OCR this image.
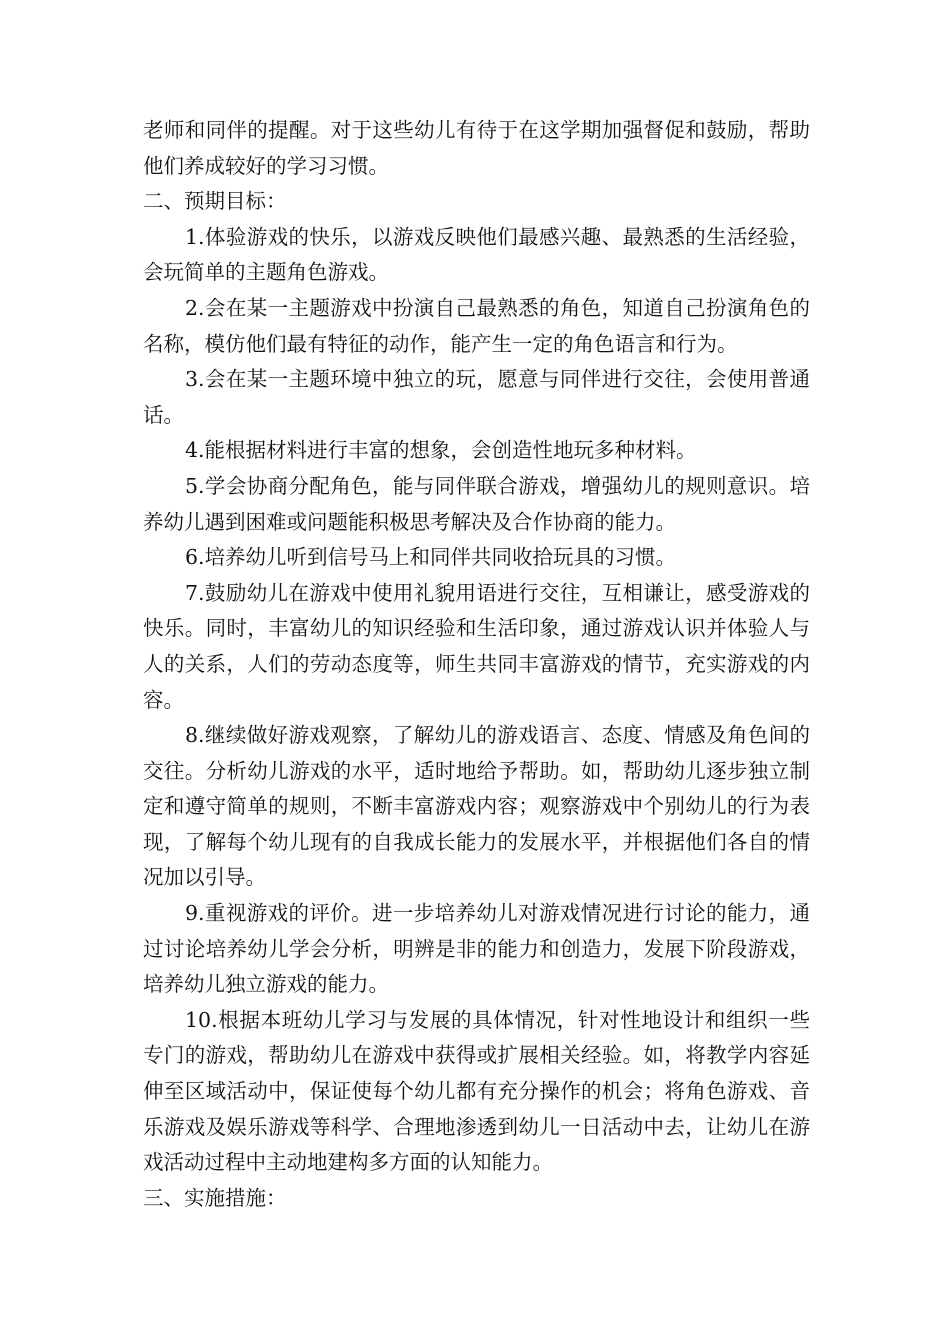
老师和同伴的提醒。对于这些幼儿有待于在这学期加强督促和鼓励，帮助他们养成较好的学习习惯。

二、预期目标：

1.体验游戏的快乐，以游戏反映他们最感兴趣、最熟悉的生活经验，会玩简单的主题角色游戏。

2.会在某一主题游戏中扮演自己最熟悉的角色，知道自己扮演角色的名称，模仿他们最有特征的动作，能产生一定的角色语言和行为。

3.会在某一主题环境中独立的玩，愿意与同伴进行交往，会使用普通话。

4.能根据材料进行丰富的想象，会创造性地玩多种材料。

5.学会协商分配角色，能与同伴联合游戏，增强幼儿的规则意识。培养幼儿遇到困难或问题能积极思考解决及合作协商的能力。

6.培养幼儿听到信号马上和同伴共同收拾玩具的习惯。

7.鼓励幼儿在游戏中使用礼貌用语进行交往，互相谦让，感受游戏的快乐。同时，丰富幼儿的知识经验和生活印象，通过游戏认识并体验人与人的关系，人们的劳动态度等，师生共同丰富游戏的情节，充实游戏的内容。

8.继续做好游戏观察，了解幼儿的游戏语言、态度、情感及角色间的交往。分析幼儿游戏的水平，适时地给予帮助。如，帮助幼儿逐步独立制定和遵守简单的规则，不断丰富游戏内容；观察游戏中个别幼儿的行为表现，了解每个幼儿现有的自我成长能力的发展水平，并根据他们各自的情况加以引导。

9.重视游戏的评价。进一步培养幼儿对游戏情况进行讨论的能力，通过讨论培养幼儿学会分析，明辨是非的能力和创造力，发展下阶段游戏，培养幼儿独立游戏的能力。

10.根据本班幼儿学习与发展的具体情况，针对性地设计和组织一些专门的游戏，帮助幼儿在游戏中获得或扩展相关经验。如，将教学内容延伸至区域活动中，保证使每个幼儿都有充分操作的机会；将角色游戏、音乐游戏及娱乐游戏等科学、合理地渗透到幼儿一日活动中去，让幼儿在游戏活动过程中主动地建构多方面的认知能力。

三、实施措施：
